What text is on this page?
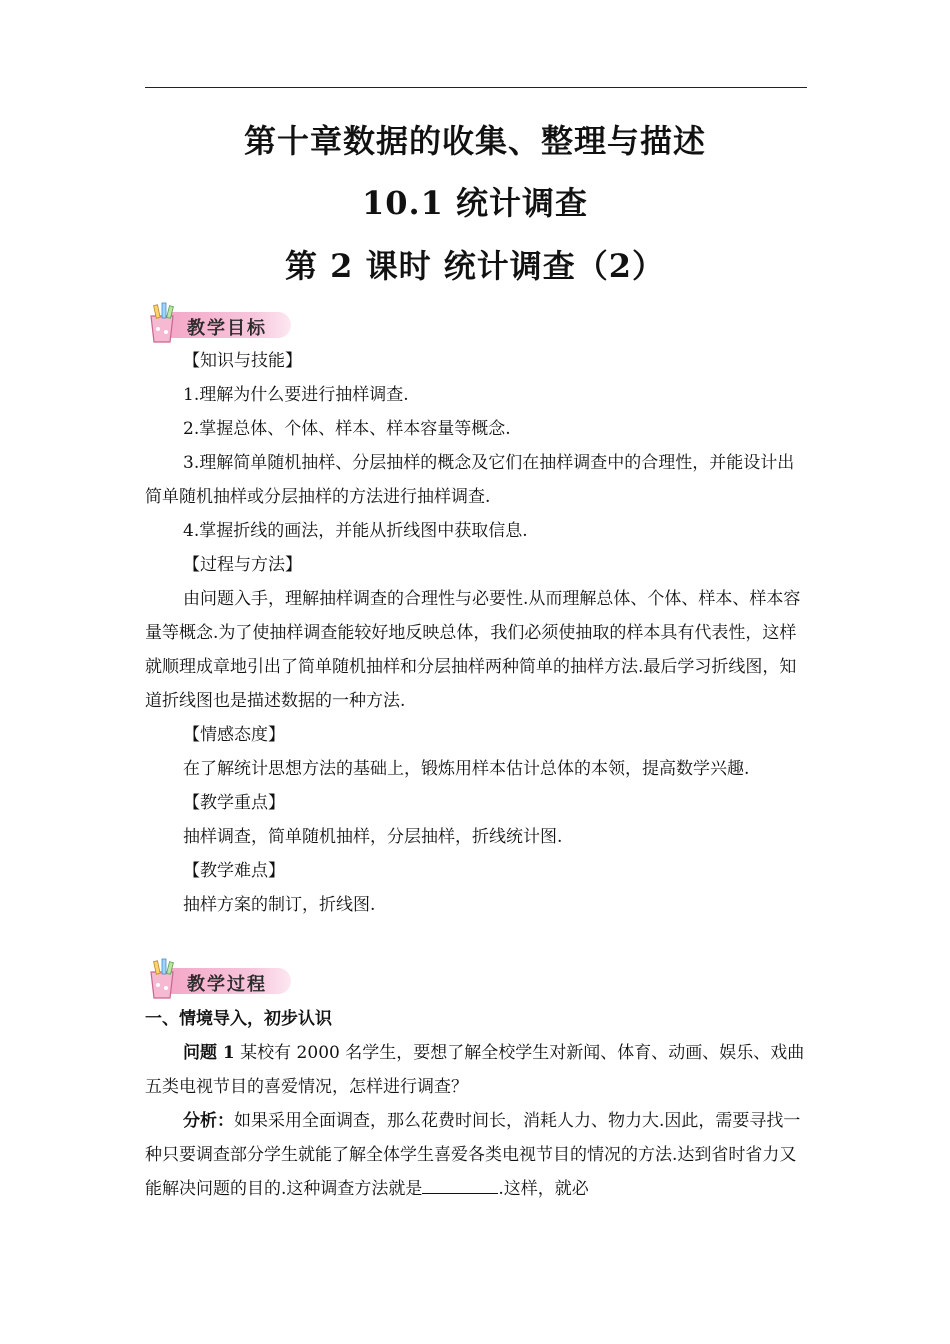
第十章数据的收集、整理与描述
10.1 统计调查
第 2 课时 统计调查（2）
教学目标

【知识与技能】

1.理解为什么要进行抽样调查.

2.掌握总体、个体、样本、样本容量等概念.

3.理解简单随机抽样、分层抽样的概念及它们在抽样调查中的合理性，并能设计出简单随机抽样或分层抽样的方法进行抽样调查.

4.掌握折线的画法，并能从折线图中获取信息.

【过程与方法】

由问题入手，理解抽样调查的合理性与必要性.从而理解总体、个体、样本、样本容量等概念.为了使抽样调查能较好地反映总体，我们必须使抽取的样本具有代表性，这样就顺理成章地引出了简单随机抽样和分层抽样两种简单的抽样方法.最后学习折线图，知道折线图也是描述数据的一种方法.

【情感态度】

在了解统计思想方法的基础上，锻炼用样本估计总体的本领，提高数学兴趣.

【教学重点】

抽样调查，简单随机抽样，分层抽样，折线统计图.

【教学难点】

抽样方案的制订，折线图.

教学过程

一、情境导入，初步认识

问题 1 某校有 2000 名学生，要想了解全校学生对新闻、体育、动画、娱乐、戏曲五类电视节目的喜爱情况，怎样进行调查？

分析：如果采用全面调查，那么花费时间长，消耗人力、物力大.因此，需要寻找一种只要调查部分学生就能了解全体学生喜爱各类电视节目的情况的方法.达到省时省力又能解决问题的目的.这种调查方法就是	.这样，就必
